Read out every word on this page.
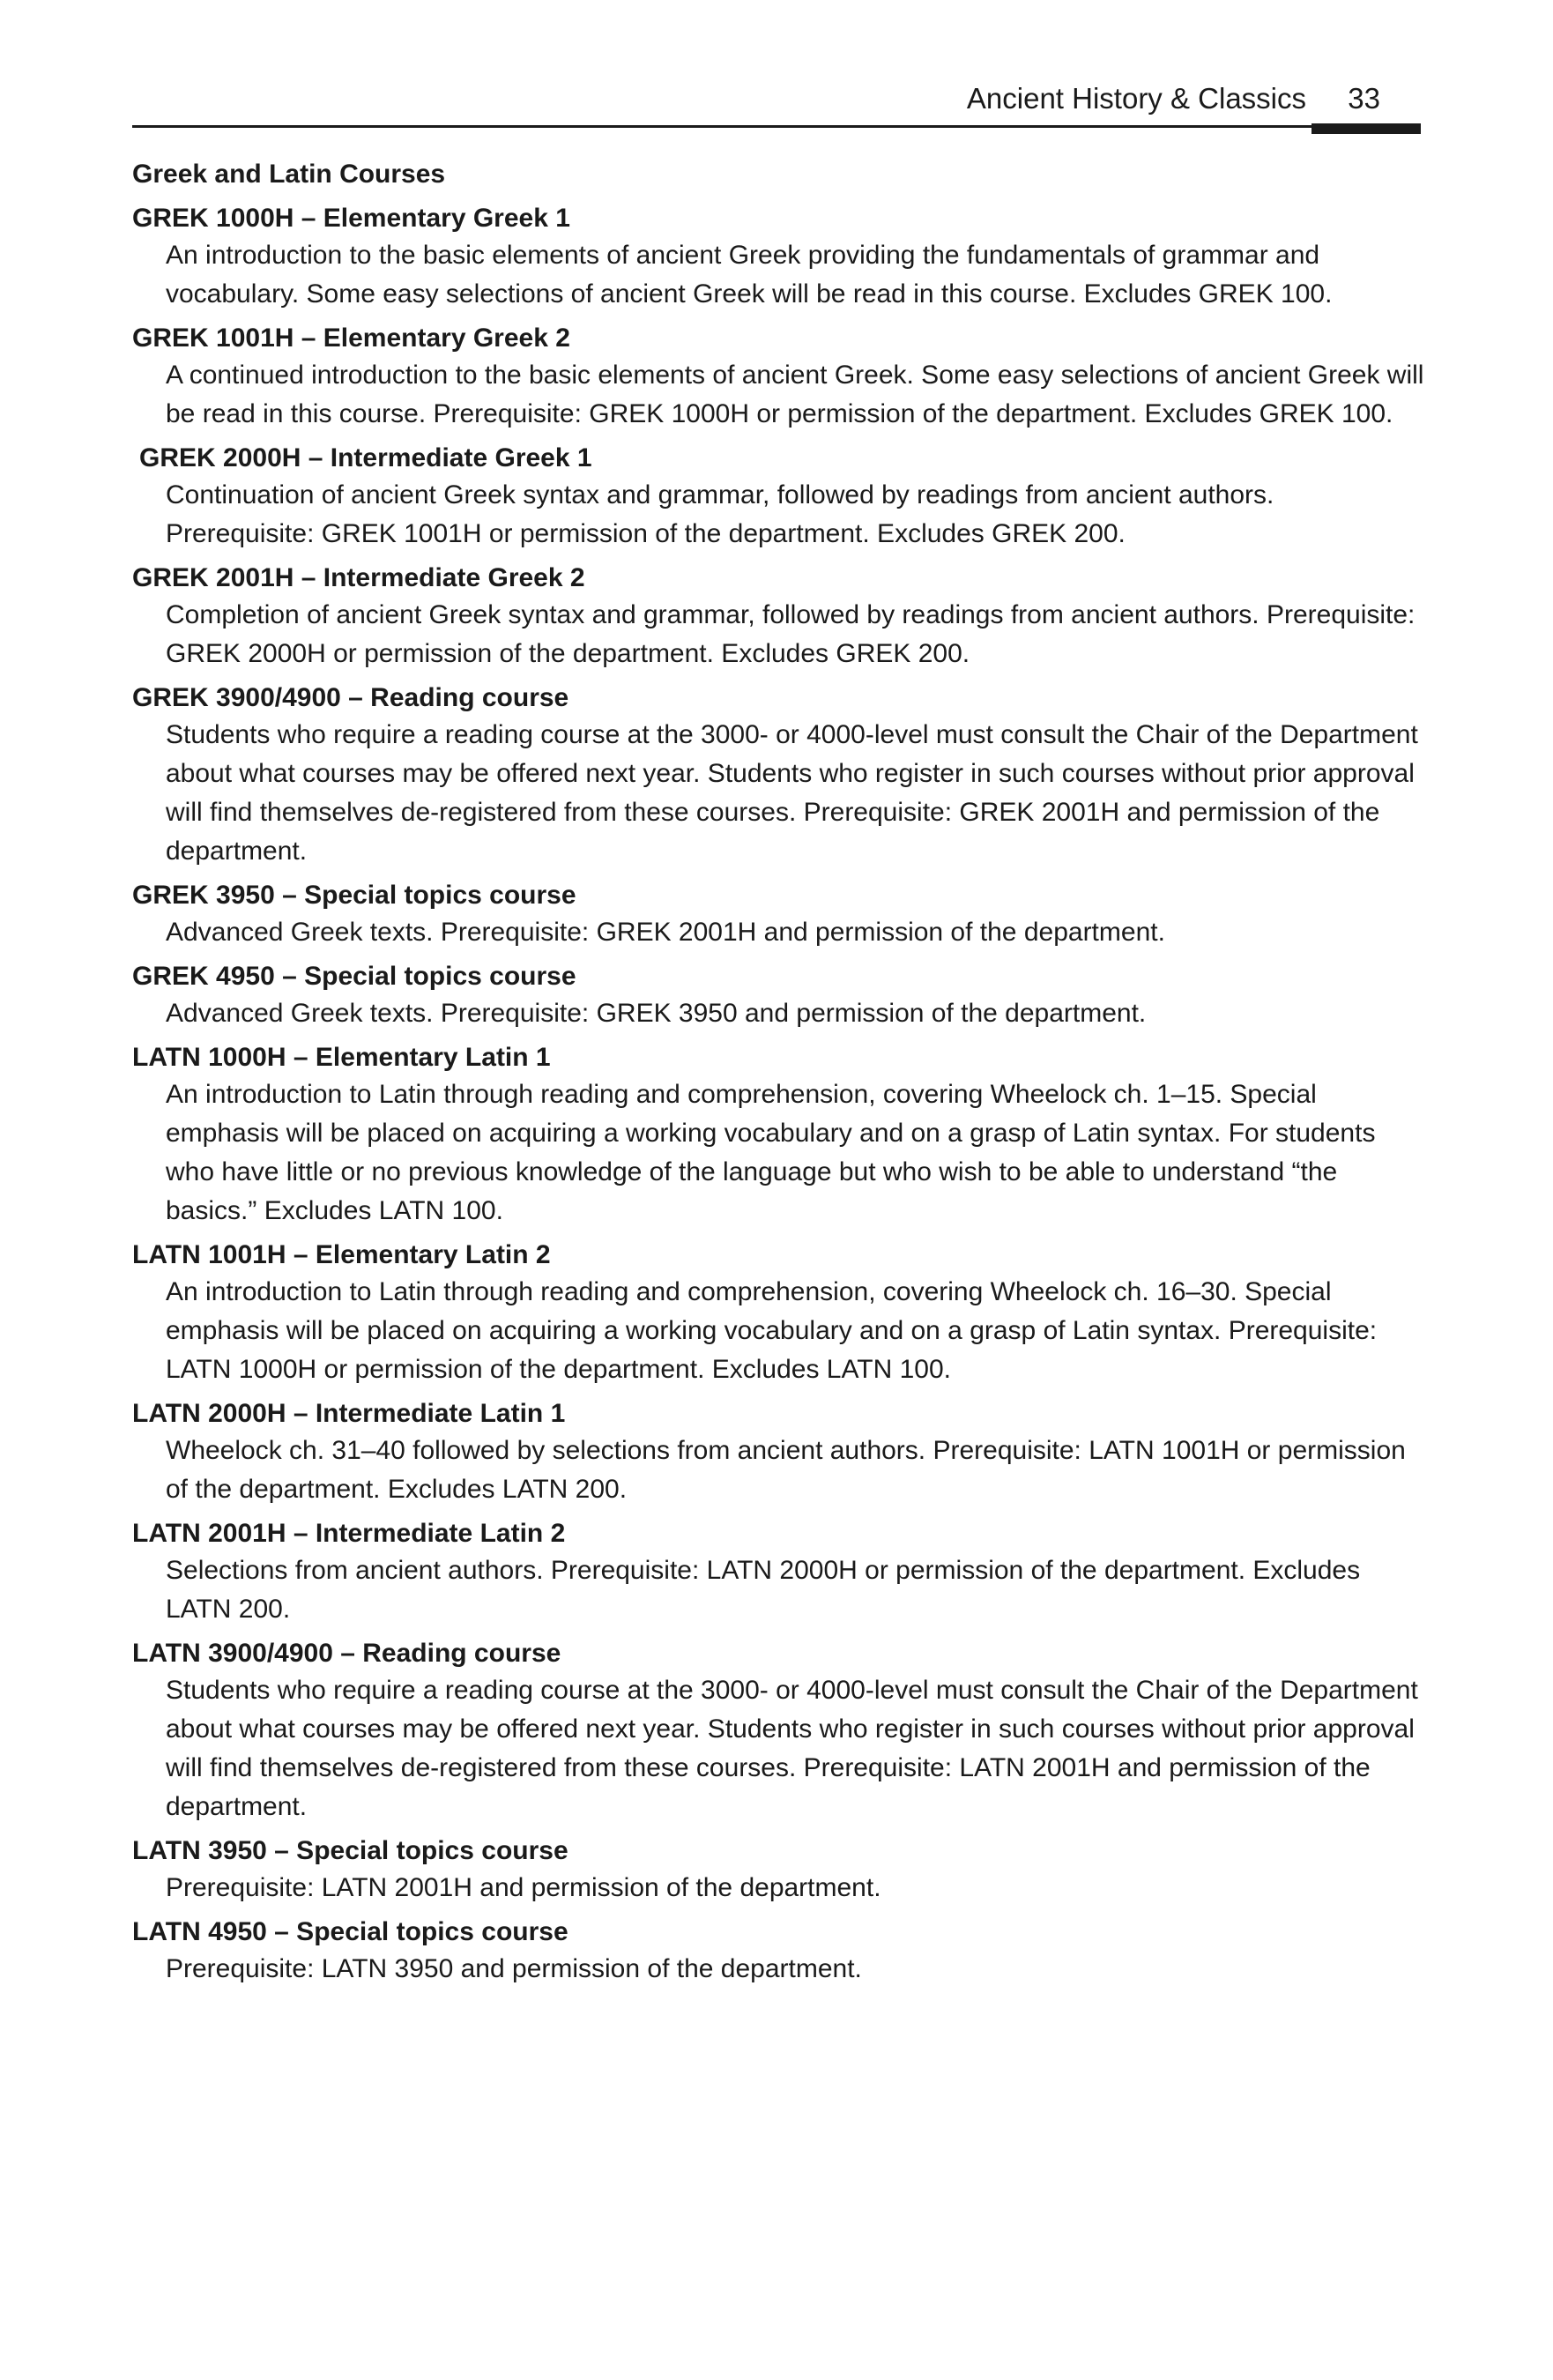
Ancient History & Classics 33
Greek and Latin Courses
GREK 1000H – Elementary Greek 1
An introduction to the basic elements of ancient Greek providing the fundamentals of grammar and vocabulary. Some easy selections of ancient Greek will be read in this course. Excludes GREK 100.
GREK 1001H – Elementary Greek 2
A continued introduction to the basic elements of ancient Greek. Some easy selections of ancient Greek will be read in this course. Prerequisite: GREK 1000H or permission of the department. Excludes GREK 100.
GREK 2000H – Intermediate Greek 1
Continuation of ancient Greek syntax and grammar, followed by readings from ancient authors. Prerequisite: GREK 1001H or permission of the department. Excludes GREK 200.
GREK 2001H – Intermediate Greek 2
Completion of ancient Greek syntax and grammar, followed by readings from ancient authors. Prerequisite: GREK 2000H or permission of the department. Excludes GREK 200.
GREK 3900/4900 – Reading course
Students who require a reading course at the 3000- or 4000-level must consult the Chair of the Department about what courses may be offered next year. Students who register in such courses without prior approval will find themselves de-registered from these courses. Prerequisite: GREK 2001H and permission of the department.
GREK 3950 – Special topics course
Advanced Greek texts. Prerequisite: GREK 2001H and permission of the department.
GREK 4950 – Special topics course
Advanced Greek texts. Prerequisite: GREK 3950 and permission of the department.
LATN 1000H – Elementary Latin 1
An introduction to Latin through reading and comprehension, covering Wheelock ch. 1–15. Special emphasis will be placed on acquiring a working vocabulary and on a grasp of Latin syntax. For students who have little or no previous knowledge of the language but who wish to be able to understand “the basics.” Excludes LATN 100.
LATN 1001H – Elementary Latin 2
An introduction to Latin through reading and comprehension, covering Wheelock ch. 16–30. Special emphasis will be placed on acquiring a working vocabulary and on a grasp of Latin syntax. Prerequisite: LATN 1000H or permission of the department. Excludes LATN 100.
LATN 2000H – Intermediate Latin 1
Wheelock ch. 31–40 followed by selections from ancient authors. Prerequisite: LATN 1001H or permission of the department. Excludes LATN 200.
LATN 2001H – Intermediate Latin 2
Selections from ancient authors. Prerequisite: LATN 2000H or permission of the department. Excludes LATN 200.
LATN 3900/4900 – Reading course
Students who require a reading course at the 3000- or 4000-level must consult the Chair of the Department about what courses may be offered next year. Students who register in such courses without prior approval will find themselves de-registered from these courses. Prerequisite: LATN 2001H and permission of the department.
LATN 3950 – Special topics course
Prerequisite: LATN 2001H and permission of the department.
LATN 4950 – Special topics course
Prerequisite: LATN 3950 and permission of the department.
